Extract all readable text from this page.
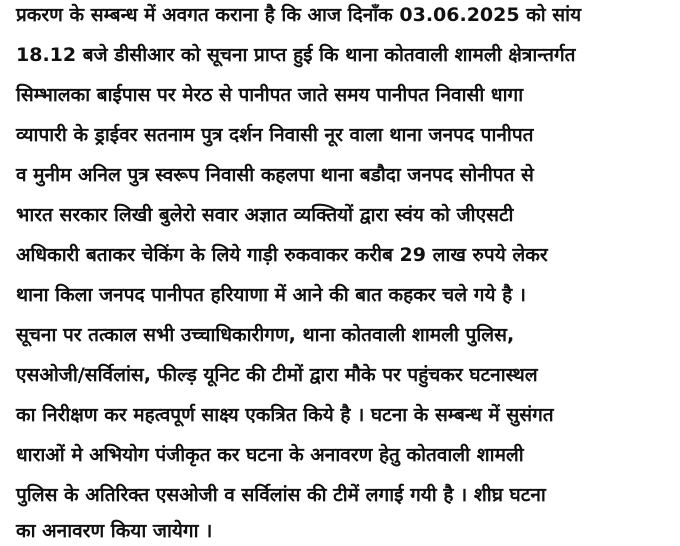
प्रकरण के सम्बन्ध में अवगत कराना है कि आज दिनाँक 03.06.2025 को सांय
18.12 बजे डीसीआर को सूचना प्राप्त हुई कि थाना कोतवाली शामली क्षेत्रान्तर्गत
सिम्भालका बाईपास पर मेरठ से पानीपत जाते समय पानीपत निवासी धागा
व्यापारी के ड्राईवर सतनाम पुत्र दर्शन निवासी नूर वाला थाना जनपद पानीपत
व मुनीम अनिल पुत्र स्वरूप निवासी कहलपा थाना बडौदा जनपद सोनीपत से
भारत सरकार लिखी बुलेरो सवार अज्ञात व्यक्तियों द्वारा स्वंय को जीएसटी
अधिकारी बताकर चेकिंग के लिये गाड़ी रुकवाकर करीब 29 लाख रुपये लेकर
थाना किला जनपद पानीपत हरियाणा में आने की बात कहकर चले गये है ।
सूचना पर तत्काल सभी उच्चाधिकारीगण, थाना कोतवाली शामली पुलिस,
एसओजी/सर्विलांस, फील्ड़ यूनिट की टीमों द्वारा मौके पर पहुंचकर घटनास्थल
का निरीक्षण कर महत्वपूर्ण साक्ष्य एकत्रित किये है । घटना के सम्बन्ध में सुसंगत
धाराओं मे अभियोग पंजीकृत कर घटना के अनावरण हेतु कोतवाली शामली
पुलिस के अतिरिक्त एसओजी व सर्विलांस की टीमें लगाई गयी है । शीघ्र घटना
का अनावरण किया जायेगा ।
